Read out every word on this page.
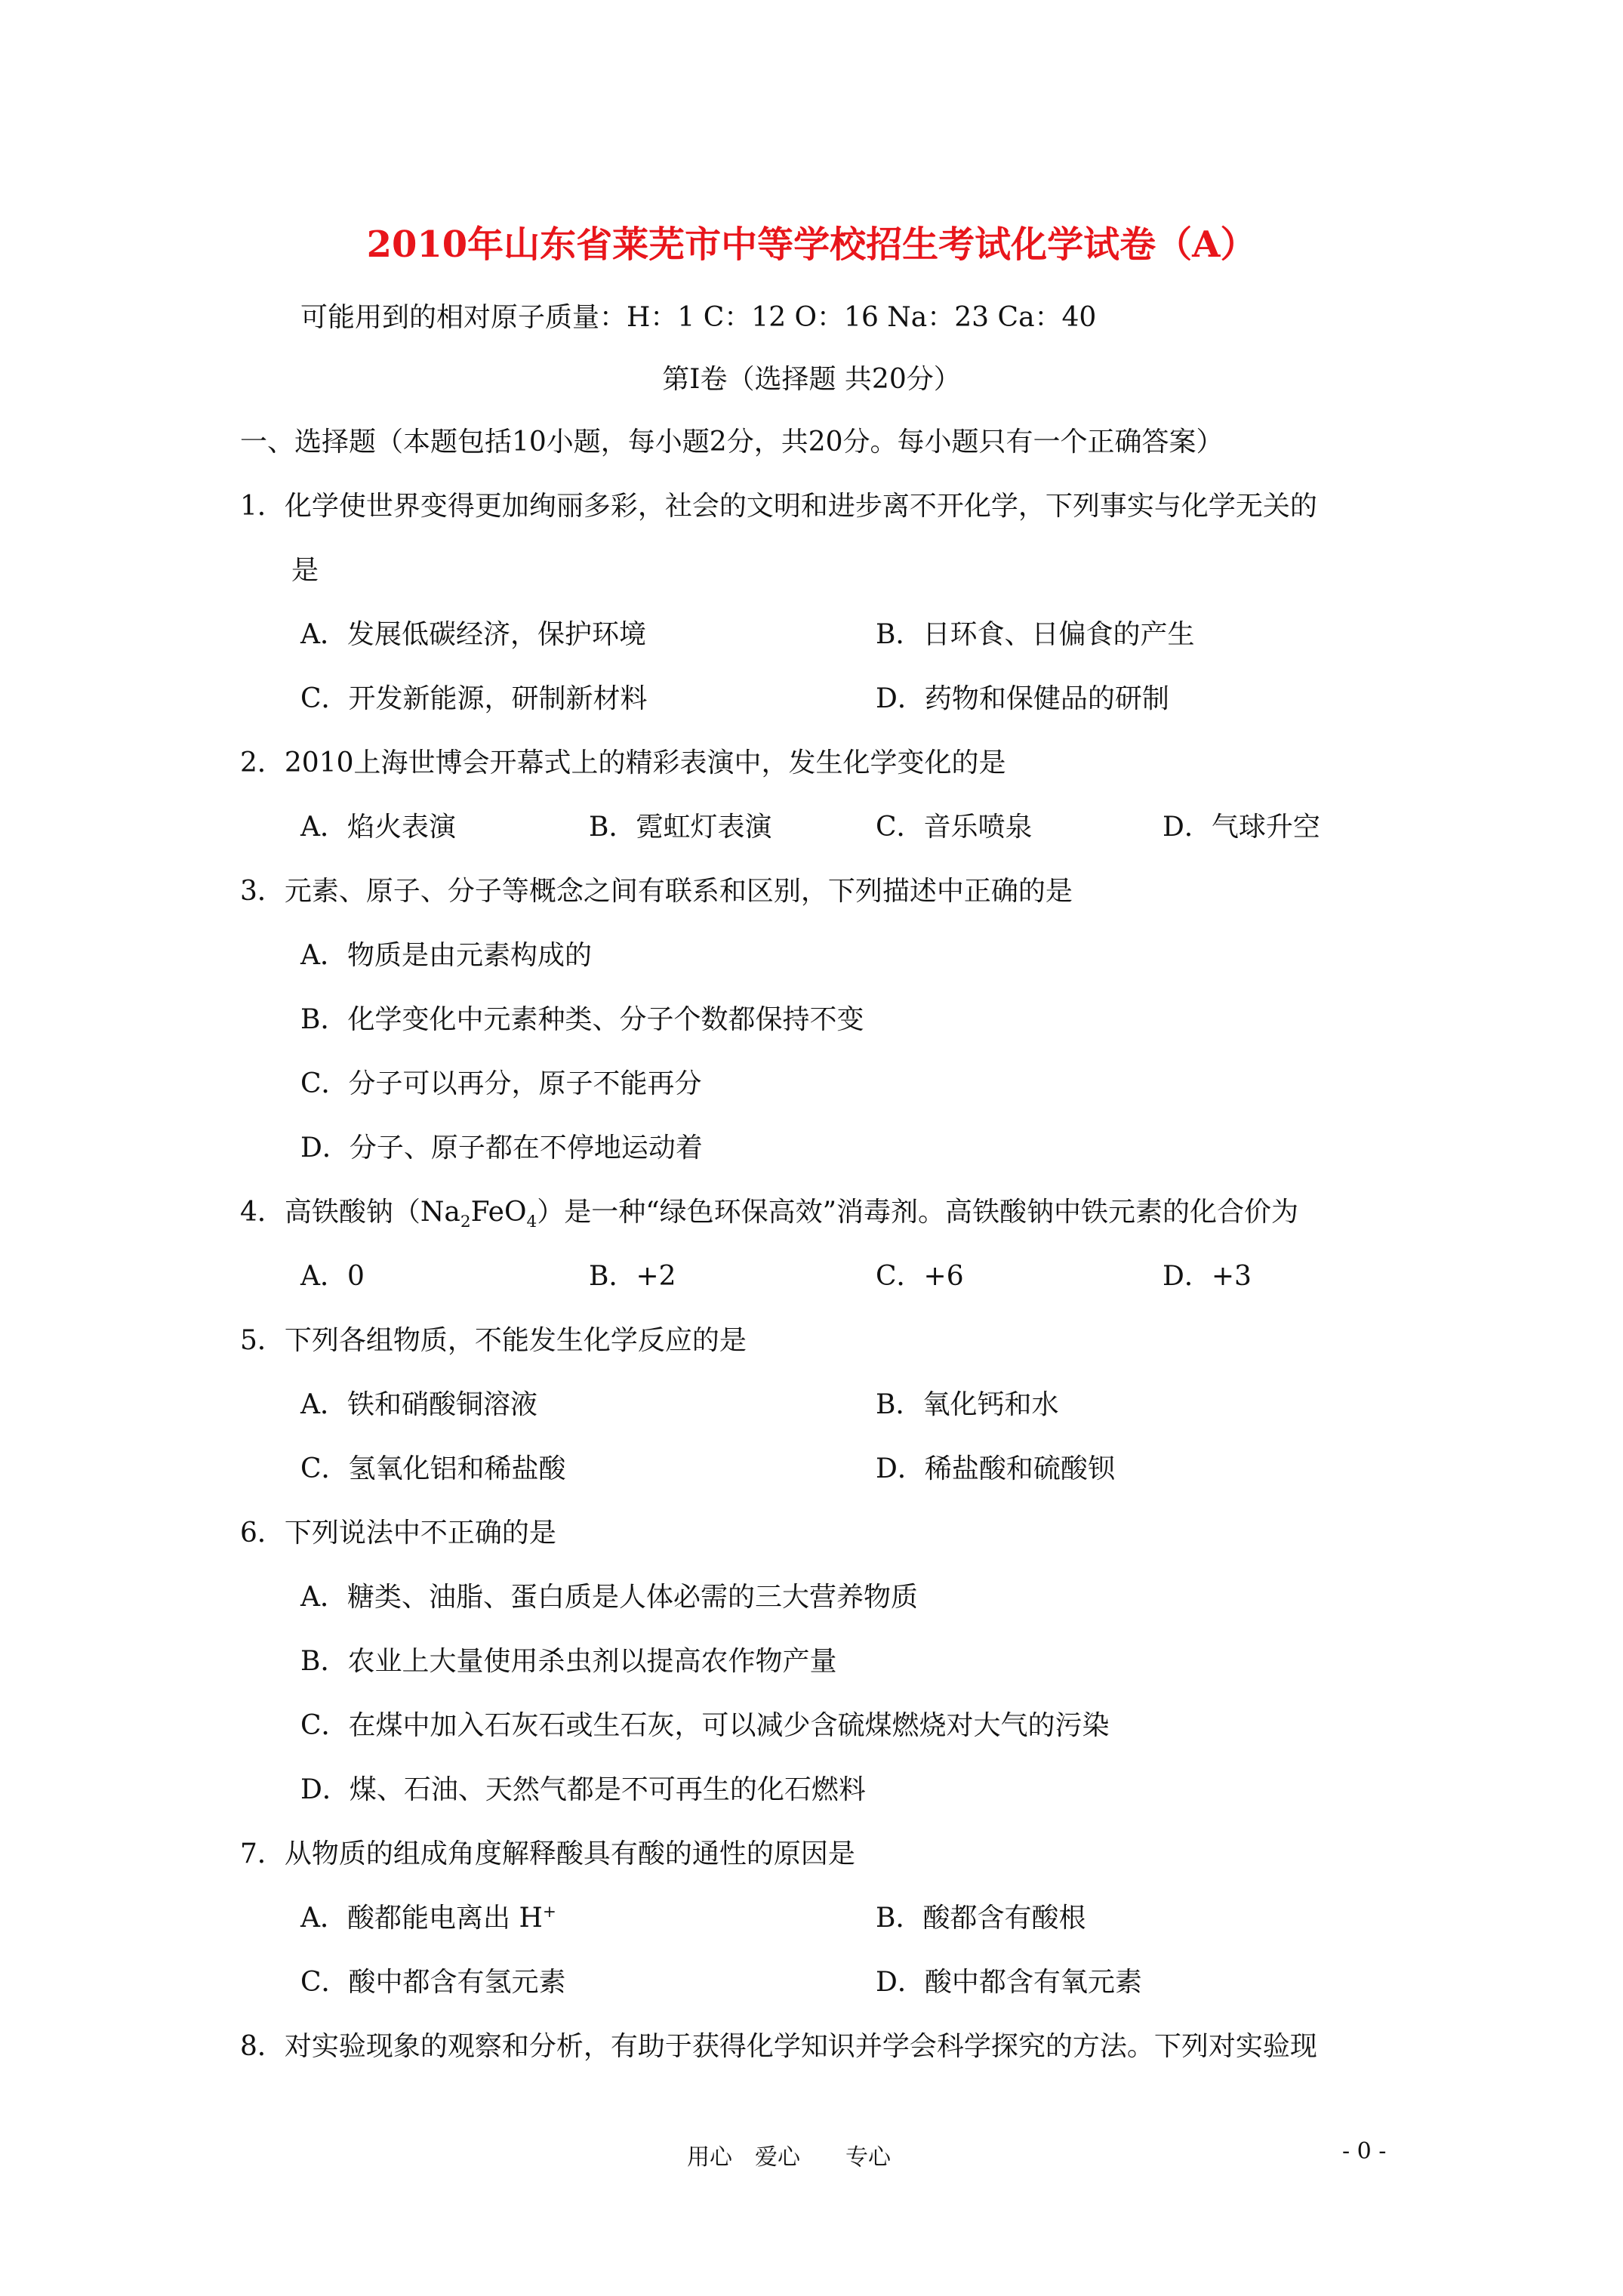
2010年山东省莱芜市中等学校招生考试化学试卷（A）
可能用到的相对原子质量：H：1 C：12 O：16 Na：23 Ca：40
第Ⅰ卷（选择题 共20分）
一、选择题（本题包括10小题，每小题2分，共20分。每小题只有一个正确答案）
1．化学使世界变得更加绚丽多彩，社会的文明和进步离不开化学，下列事实与化学无关的
是
A．发展低碳经济，保护环境	B．日环食、日偏食的产生
C．开发新能源，研制新材料	D．药物和保健品的研制
2．2010上海世博会开幕式上的精彩表演中，发生化学变化的是
A．焰火表演	B．霓虹灯表演	C．音乐喷泉	D．气球升空
3．元素、原子、分子等概念之间有联系和区别，下列描述中正确的是
A．物质是由元素构成的
B．化学变化中元素种类、分子个数都保持不变
C．分子可以再分，原子不能再分
D．分子、原子都在不停地运动着
4．高铁酸钠$(Na_2FeO_4)$是一种“绿色环保高效”消毒剂。高铁酸钠中铁元素的化合价为
A．0	B．+2	C．+6	D．+3
5．下列各组物质，不能发生化学反应的是
A．铁和硝酸铜溶液	B．氧化钙和水
C．氢氧化铝和稀盐酸	D．稀盐酸和硫酸钡
6．下列说法中不正确的是
A．糖类、油脂、蛋白质是人体必需的三大营养物质
B．农业上大量使用杀虫剂以提高农作物产量
C．在煤中加入石灰石或生石灰，可以减少含硫煤燃烧对大气的污染
D．煤、石油、天然气都是不可再生的化石燃料
7．从物质的组成角度解释酸具有酸的通性的原因是
A．酸都能电离出 H+	B．酸都含有酸根
C．酸中都含有氢元素	D．酸中都含有氧元素
8．对实验现象的观察和分析，有助于获得化学知识并学会科学探究的方法。下列对实验现
用心　爱心　　专心	- 0 -
